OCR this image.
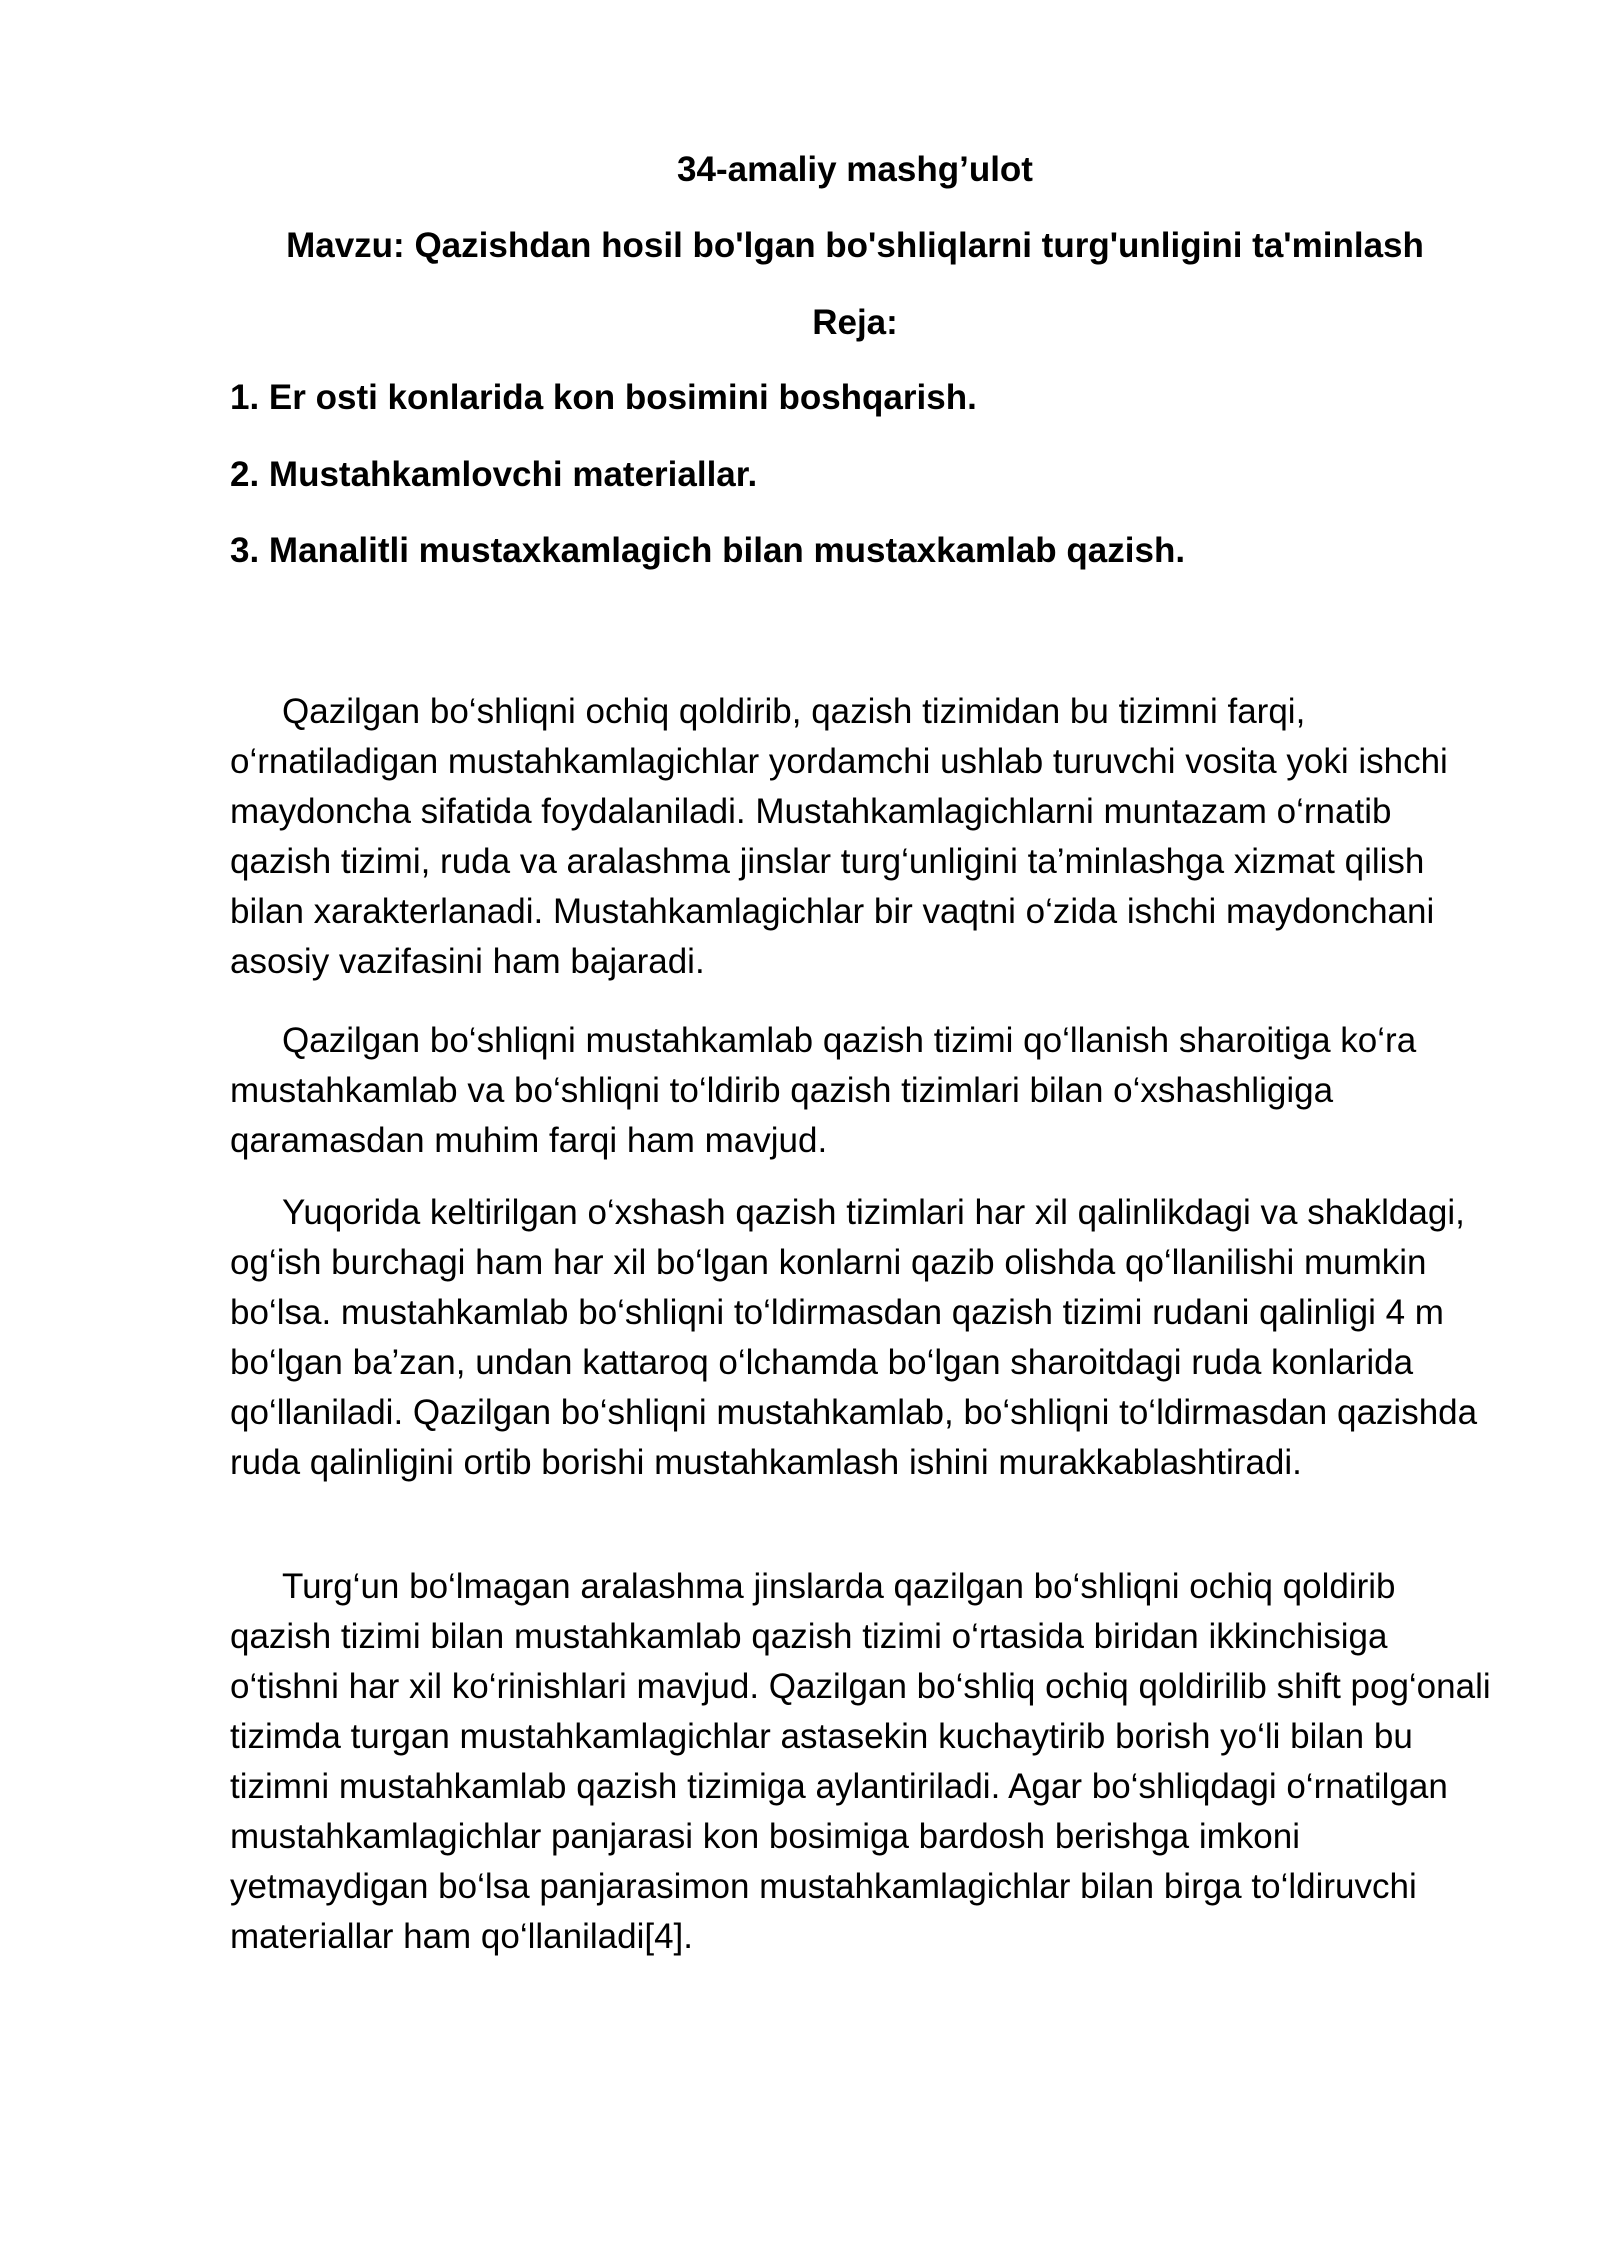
34-amaliy mashg’ulot
Mavzu: Qazishdan hosil bo'lgan bo'shliqlarni turg'unligini ta'minlash
Reja:
1. Er osti konlarida kon bosimini boshqarish.
2. Mustahkamlovchi materiallar.
3. Manalitli mustaxkamlagich bilan mustaxkamlab qazish.

Qazilgan bo‘shliqni ochiq qoldirib, qazish tizimidan bu tizimni farqi, o‘rnatiladigan mustahkamlagichlar yordamchi ushlab turuvchi vosita yoki ishchi maydoncha sifatida foydalaniladi. Mustahkamlagichlarni muntazam o‘rnatib qazish tizimi, ruda va aralashma jinslar turg‘unligini ta’minlashga xizmat qilish bilan xarakterlanadi. Mustahkamlagichlar bir vaqtni o‘zida ishchi maydonchani asosiy vazifasini ham bajaradi.

Qazilgan bo‘shliqni mustahkamlab qazish tizimi qo‘llanish sharoitiga ko‘ra mustahkamlab va bo‘shliqni to‘ldirib qazish tizimlari bilan o‘xshashligiga qaramasdan muhim farqi ham mavjud.

Yuqorida keltirilgan o‘xshash qazish tizimlari har xil qalinlikdagi va shakldagi, og‘ish burchagi ham har xil bo‘lgan konlarni qazib olishda qo‘llanilishi mumkin bo‘lsa. mustahkamlab bo‘shliqni to‘ldirmasdan qazish tizimi rudani qalinligi 4 m bo‘lgan ba’zan, undan kattaroq o‘lchamda bo‘lgan sharoitdagi ruda konlarida qo‘llaniladi. Qazilgan bo‘shliqni mustahkamlab, bo‘shliqni to‘ldirmasdan qazishda ruda qalinligini ortib borishi mustahkamlash ishini murakkablashtiradi.

Turg‘un bo‘lmagan aralashma jinslarda qazilgan bo‘shliqni ochiq qoldirib qazish tizimi bilan mustahkamlab qazish tizimi o‘rtasida biridan ikkinchisiga o‘tishni har xil ko‘rinishlari mavjud. Qazilgan bo‘shliq ochiq qoldirilib shift pog‘onali tizimda turgan mustahkamlagichlar astasekin kuchaytirib borish yo‘li bilan bu tizimni mustahkamlab qazish tizimiga aylantiriladi. Agar bo‘shliqdagi o‘rnatilgan mustahkamlagichlar panjarasi kon bosimiga bardosh berishga imkoni yetmaydigan bo‘lsa panjarasimon mustahkamlagichlar bilan birga to‘ldiruvchi materiallar ham qo‘llaniladi[4].
